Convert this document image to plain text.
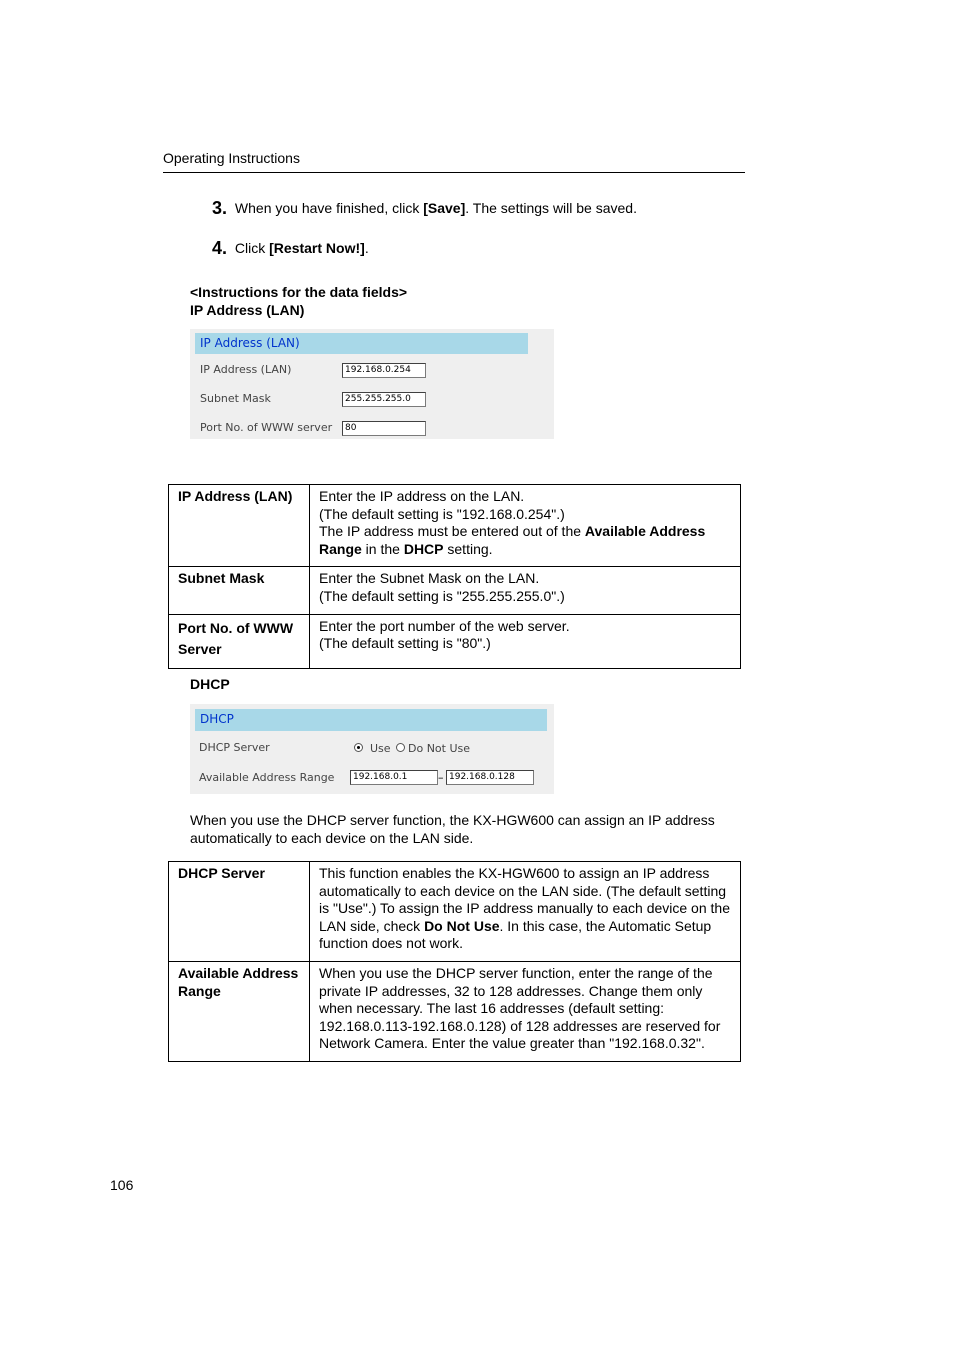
Operating Instructions
3. When you have finished, click [Save]. The settings will be saved.
4. Click [Restart Now!].
<Instructions for the data fields>
IP Address (LAN)
IP Address (LAN)
IP Address (LAN)	192.168.0.254
Subnet Mask	255.255.255.0
Port No. of WWW server	80
IP Address (LAN)	Enter the IP address on the LAN.
(The default setting is "192.168.0.254".)
The IP address must be entered out of the Available Address Range in the DHCP setting.

Subnet Mask	Enter the Subnet Mask on the LAN.
(The default setting is "255.255.255.0".)

Port No. of WWW Server	Enter the port number of the web server.
(The default setting is "80".)
DHCP
DHCP
DHCP Server	Use Do Not Use
Available Address Range	192.168.0.1	– 192.168.0.128
When you use the DHCP server function, the KX-HGW600 can assign an IP address automatically to each device on the LAN side.
DHCP Server	This function enables the KX-HGW600 to assign an IP address automatically to each device on the LAN side. (The default setting is "Use".) To assign the IP address manually to each device on the LAN side, check Do Not Use. In this case, the Automatic Setup function does not work.
Available Address Range	When you use the DHCP server function, enter the range of the private IP addresses, 32 to 128 addresses. Change them only when necessary. The last 16 addresses (default setting: 192.168.0.113-192.168.0.128) of 128 addresses are reserved for Network Camera. Enter the value greater than "192.168.0.32".
106
